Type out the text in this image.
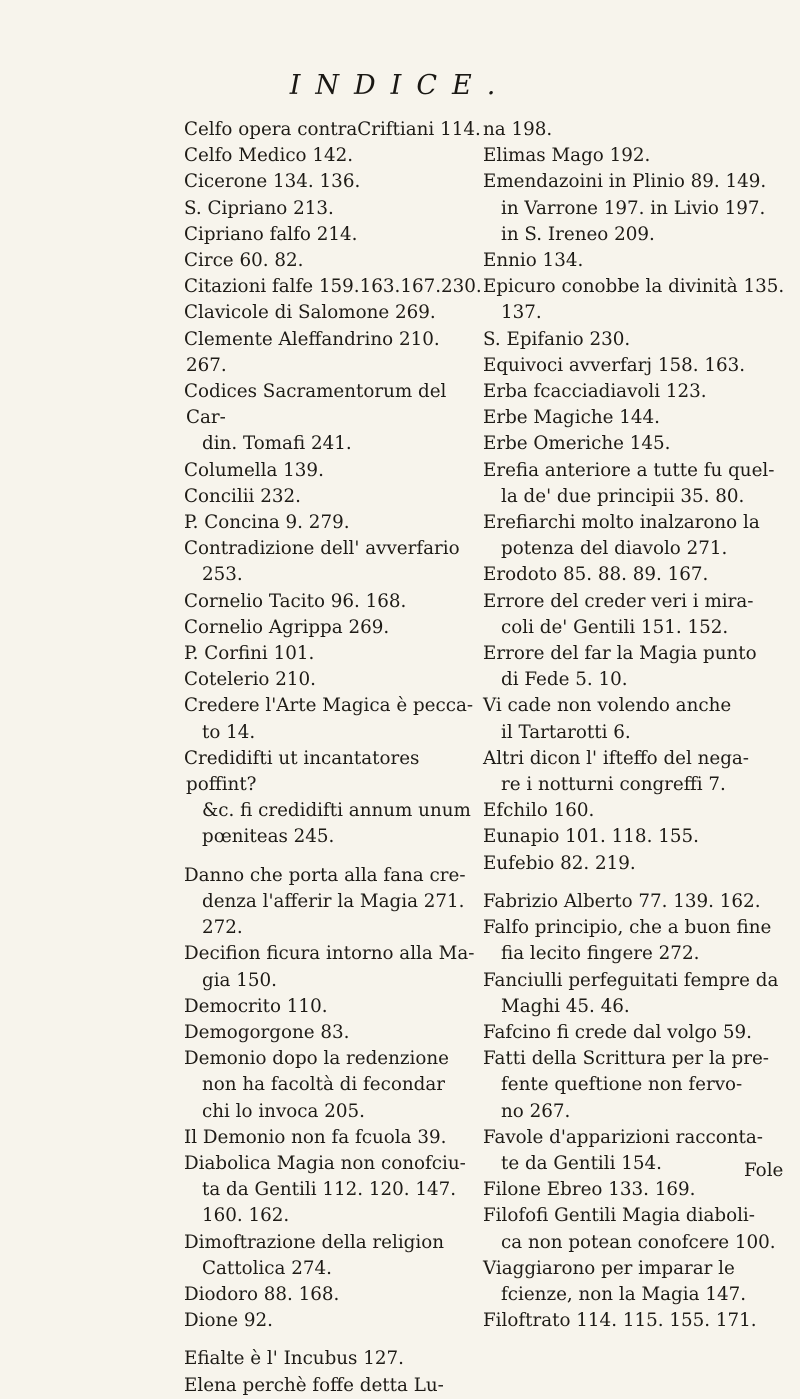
INDICE.
Celfo opera contraCriftiani 114.
Celfo Medico 142.
Cicerone 134. 136.
S. Cipriano 213.
Cipriano falfo 214.
Circe 60. 82.
Citazioni falfe 159.163.167.230.
Clavicole di Salomone 269.
Clemente Aleffandrino 210. 267.
Codices Sacramentorum del Car-
din. Tomafi 241.
Columella 139.
Concilii 232.
P. Concina 9. 279.
Contradizione dell' avverfario
253.
Cornelio Tacito 96. 168.
Cornelio Agrippa 269.
P. Corfini 101.
Cotelerio 210.
Credere l'Arte Magica è pecca-
to 14.
Credidifti ut incantatores poffint?
&c. fi credidifti annum unum
pœniteas 245.
Danno che porta alla fana cre-
denza l'afferir la Magia 271.
272.
Decifion ficura intorno alla Ma-
gia 150.
Democrito 110.
Demogorgone 83.
Demonio dopo la redenzione
non ha facoltà di fecondar
chi lo invoca 205.
Il Demonio non fa fcuola 39.
Diabolica Magia non conofciu-
ta da Gentili 112. 120. 147.
160. 162.
Dimoftrazione della religion
Cattolica 274.
Diodoro 88. 168.
Dione 92.
Efialte è l' Incubus 127.
Elena perchè foffe detta Lu-
na 198.
Elimas Mago 192.
Emendazoini in Plinio 89. 149.
in Varrone 197. in Livio 197.
in S. Ireneo 209.
Ennio 134.
Epicuro conobbe la divinità 135.
137.
S. Epifanio 230.
Equivoci avverfarj 158. 163.
Erba fcacciadiavoli 123.
Erbe Magiche 144.
Erbe Omeriche 145.
Erefia anteriore a tutte fu quel-
la de' due principii 35. 80.
Erefiarchi molto inalzarono la
potenza del diavolo 271.
Erodoto 85. 88. 89. 167.
Errore del creder veri i mira-
coli de' Gentili 151. 152.
Errore del far la Magia punto
di Fede 5. 10.
Vi cade non volendo anche
il Tartarotti 6.
Altri dicon l' ifteffo del nega-
re i notturni congreffi 7.
Efchilo 160.
Eunapio 101. 118. 155.
Eufebio 82. 219.
Fabrizio Alberto 77. 139. 162.
Falfo principio, che a buon fine
fia lecito fingere 272.
Fanciulli perfeguitati fempre da
Maghi 45. 46.
Fafcino fi crede dal volgo 59.
Fatti della Scrittura per la pre-
fente queftione non fervo-
no 267.
Favole d'apparizioni racconta-
te da Gentili 154.
Filone Ebreo 133. 169.
Filofofi Gentili Magia diaboli-
ca non potean conofcere 100.
Viaggiarono per imparar le
fcienze, non la Magia 147.
Filoftrato 114. 115. 155. 171.
Fole
